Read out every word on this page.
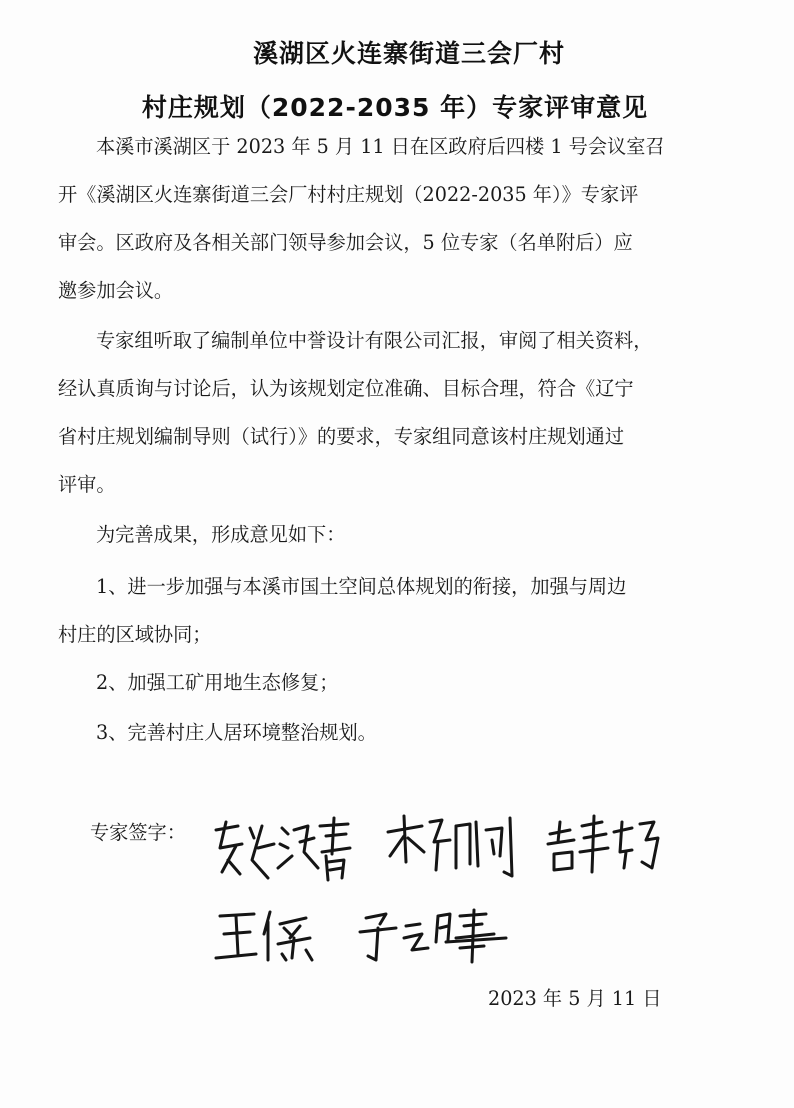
溪湖区火连寨街道三会厂村
村庄规划（2022-2035 年）专家评审意见
本溪市溪湖区于 2023 年 5 月 11 日在区政府后四楼 1 号会议室召
开《溪湖区火连寨街道三会厂村村庄规划（2022-2035 年）》专家评
审会。区政府及各相关部门领导参加会议，5 位专家（名单附后）应
邀参加会议。
专家组听取了编制单位中誉设计有限公司汇报，审阅了相关资料，
经认真质询与讨论后，认为该规划定位准确、目标合理，符合《辽宁
省村庄规划编制导则（试行）》的要求，专家组同意该村庄规划通过
评审。
为完善成果，形成意见如下：
1、进一步加强与本溪市国土空间总体规划的衔接，加强与周边
村庄的区域协同；
2、加强工矿用地生态修复；
3、完善村庄人居环境整治规划。
专家签字：
2023 年 5 月 11 日
